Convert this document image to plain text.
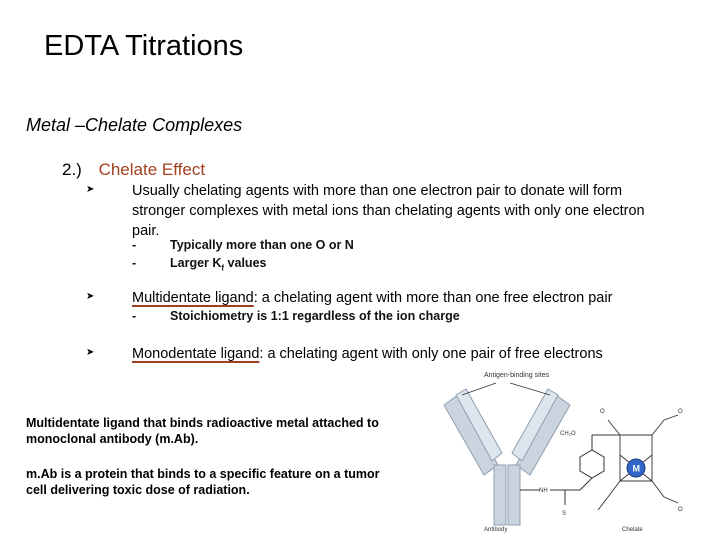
EDTA Titrations
Metal –Chelate Complexes
2.) Chelate Effect
➤	Usually chelating agents with more than one electron pair to donate will form stronger complexes with metal ions than chelating agents with only one electron pair.
-	Typically more than one O or N
-	Larger $K_f$ values
➤	Multidentate ligand: a chelating agent with more than one free electron pair
-	Stoichiometry is 1:1 regardless of the ion charge
➤	Monodentate ligand: a chelating agent with only one pair of free electrons
Multidentate ligand that binds radioactive metal attached to monoclonal antibody (m.Ab).
m.Ab is a protein that binds to a specific feature on a tumor cell delivering toxic dose of radiation.
Antigen-binding sites
Antibody
NH
S
CH₂O
O	O
O
M
Chelate
